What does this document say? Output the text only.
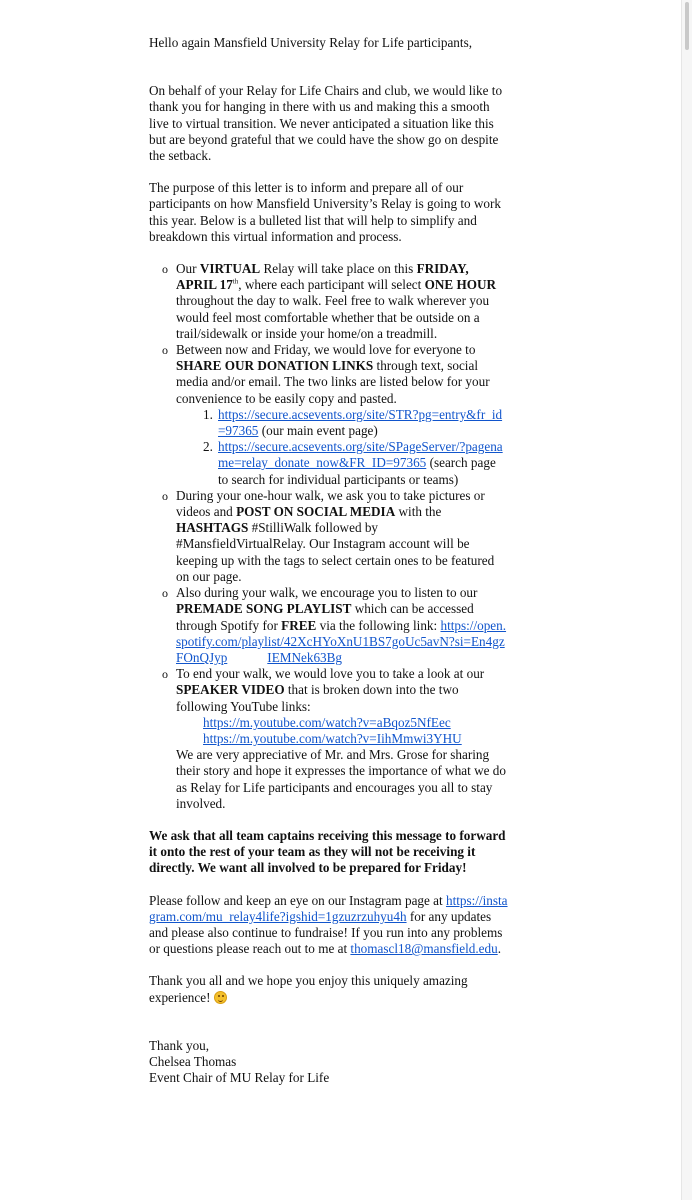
Hello again Mansfield University Relay for Life participants,

On behalf of your Relay for Life Chairs and club, we would like to thank you for hanging in there with us and making this a smooth live to virtual transition. We never anticipated a situation like this but are beyond grateful that we could have the show go on despite the setback.

The purpose of this letter is to inform and prepare all of our participants on how Mansfield University’s Relay is going to work this year. Below is a bulleted list that will help to simplify and breakdown this virtual information and process.

o Our VIRTUAL Relay will take place on this FRIDAY, APRIL 17th, where each participant will select ONE HOUR throughout the day to walk. Feel free to walk wherever you would feel most comfortable whether that be outside on a trail/sidewalk or inside your home/on a treadmill.
o Between now and Friday, we would love for everyone to SHARE OUR DONATION LINKS through text, social media and/or email. The two links are listed below for your convenience to be easily copy and pasted.
1. https://secure.acsevents.org/site/STR?pg=entry&fr_id=97365 (our main event page)
2. https://secure.acsevents.org/site/SPageServer/?pagename=relay_donate_now&FR_ID=97365 (search page to search for individual participants or teams)
o During your one-hour walk, we ask you to take pictures or videos and POST ON SOCIAL MEDIA with the HASHTAGS #StilliWalk followed by #MansfieldVirtualRelay. Our Instagram account will be keeping up with the tags to select certain ones to be featured on our page.
o Also during your walk, we encourage you to listen to our PREMADE SONG PLAYLIST which can be accessed through Spotify for FREE via the following link: https://open.spotify.com/playlist/42XcHYoXnU1BS7goUc5avN?si=En4gzFOnQJyp	IEMNek63Bg
o To end your walk, we would love you to take a look at our SPEAKER VIDEO that is broken down into the two following YouTube links:
https://m.youtube.com/watch?v=aBqoz5NfEec
https://m.youtube.com/watch?v=IihMmwi3YHU
We are very appreciative of Mr. and Mrs. Grose for sharing their story and hope it expresses the importance of what we do as Relay for Life participants and encourages you all to stay involved.

We ask that all team captains receiving this message to forward it onto the rest of your team as they will not be receiving it directly. We want all involved to be prepared for Friday!

Please follow and keep an eye on our Instagram page at https://instagram.com/mu_relay4life?igshid=1gzuzrzuhyu4h for any updates and please also continue to fundraise! If you run into any problems or questions please reach out to me at thomascl18@mansfield.edu.

Thank you all and we hope you enjoy this uniquely amazing experience!

Thank you,

Chelsea Thomas

Event Chair of MU Relay for Life
